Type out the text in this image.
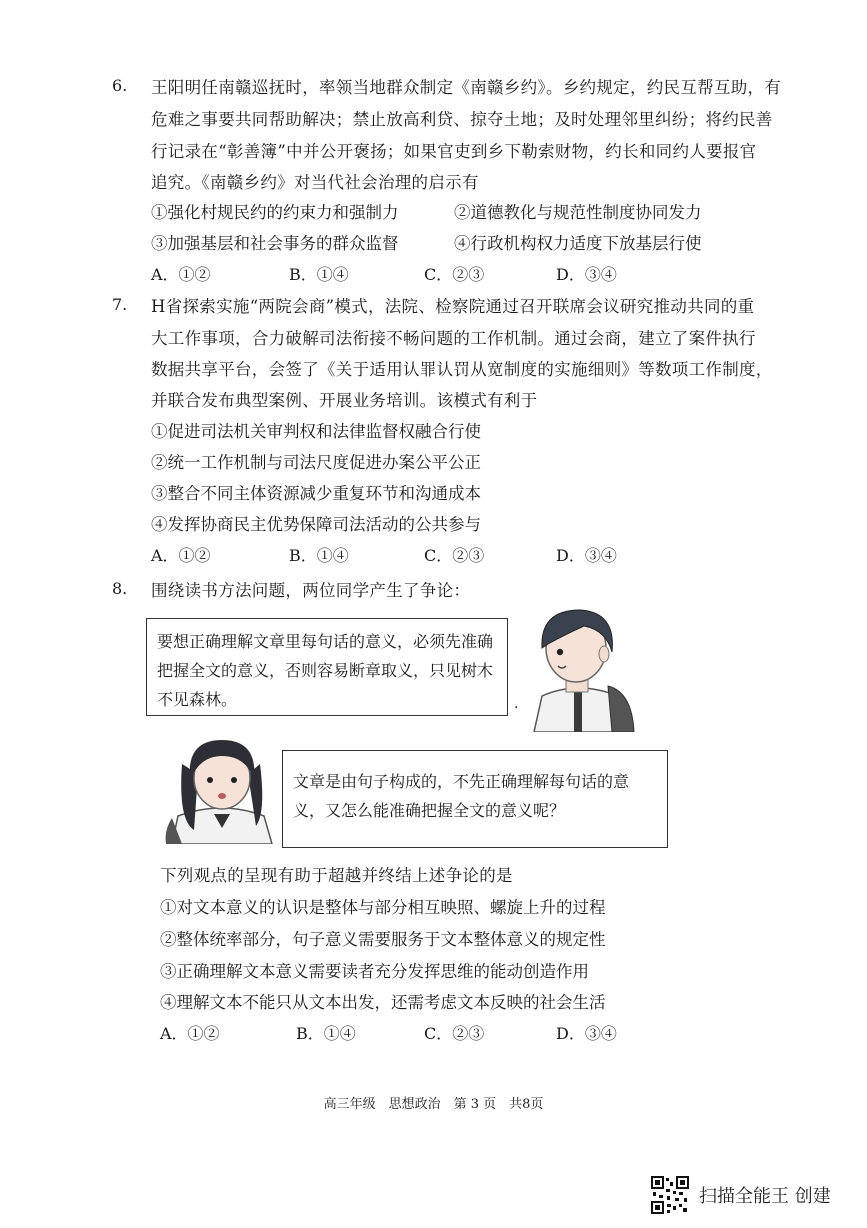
6. 王阳明任南赣巡抚时，率领当地群众制定《南赣乡约》。乡约规定，约民互帮互助，有
危难之事要共同帮助解决；禁止放高利贷、掠夺土地；及时处理邻里纠纷；将约民善
行记录在“彰善簿”中并公开褒扬；如果官吏到乡下勒索财物，约长和同约人要报官
追究。《南赣乡约》对当代社会治理的启示有
①强化村规民约的约束力和强制力	②道德教化与规范性制度协同发力
③加强基层和社会事务的群众监督	④行政机构权力适度下放基层行使
A．①②	B．①④	C．②③	D．③④
7. H省探索实施“两院会商”模式，法院、检察院通过召开联席会议研究推动共同的重
大工作事项，合力破解司法衔接不畅问题的工作机制。通过会商，建立了案件执行
数据共享平台，会签了《关于适用认罪认罚从宽制度的实施细则》等数项工作制度，
并联合发布典型案例、开展业务培训。该模式有利于
①促进司法机关审判权和法律监督权融合行使
②统一工作机制与司法尺度促进办案公平公正
③整合不同主体资源减少重复环节和沟通成本
④发挥协商民主优势保障司法活动的公共参与
A．①②	B．①④	C．②③	D．③④
8. 围绕读书方法问题，两位同学产生了争论：
要想正确理解文章里每句话的意义，必须先准确把握全文的意义，否则容易断章取义，只见树木不见森林。	·
文章是由句子构成的，不先正确理解每句话的意义，又怎么能准确把握全文的意义呢？
下列观点的呈现有助于超越并终结上述争论的是
①对文本意义的认识是整体与部分相互映照、螺旋上升的过程
②整体统率部分，句子意义需要服务于文本整体意义的规定性
③正确理解文本意义需要读者充分发挥思维的能动创造作用
④理解文本不能只从文本出发，还需考虑文本反映的社会生活
A．①②	B．①④	C．②③	D．③④
高三年级　思想政治　第 3 页　共8页
扫描全能王 创建
